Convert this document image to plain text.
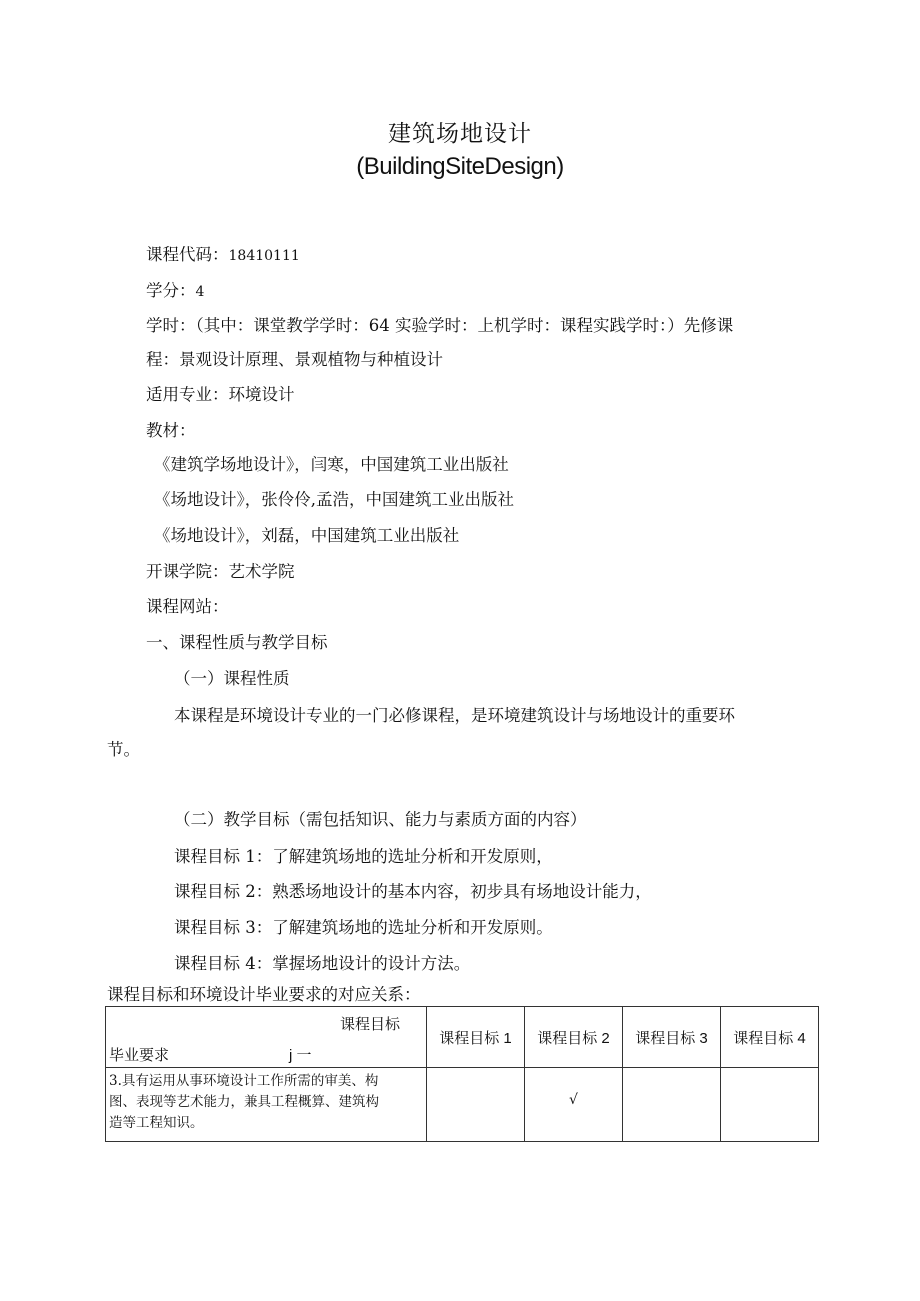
建筑场地设计
(BuildingSiteDesign)
课程代码：18410111
学分：4
学时：（其中：课堂教学学时：64 实验学时：上机学时：课程实践学时：）先修课
程：景观设计原理、景观植物与种植设计
适用专业：环境设计
教材：
《建筑学场地设计》，闫寒，中国建筑工业出版社
《场地设计》，张伶伶,孟浩，中国建筑工业出版社
《场地设计》，刘磊，中国建筑工业出版社
开课学院：艺术学院
课程网站：
一、课程性质与教学目标
（一）课程性质
本课程是环境设计专业的一门必修课程，是环境建筑设计与场地设计的重要环
节。
（二）教学目标（需包括知识、能力与素质方面的内容）
课程目标 1：了解建筑场地的选址分析和开发原则，
课程目标 2：熟悉场地设计的基本内容，初步具有场地设计能力，
课程目标 3：了解建筑场地的选址分析和开发原则。
课程目标 4：掌握场地设计的设计方法。
课程目标和环境设计毕业要求的对应关系：
课程目标
毕业要求 j 一	课程目标 1	课程目标 2	课程目标 3	课程目标 4

3.具有运用从事环境设计工作所需的审美、构
图、表现等艺术能力，兼具工程概算、建筑构
造等工程知识。		√		
